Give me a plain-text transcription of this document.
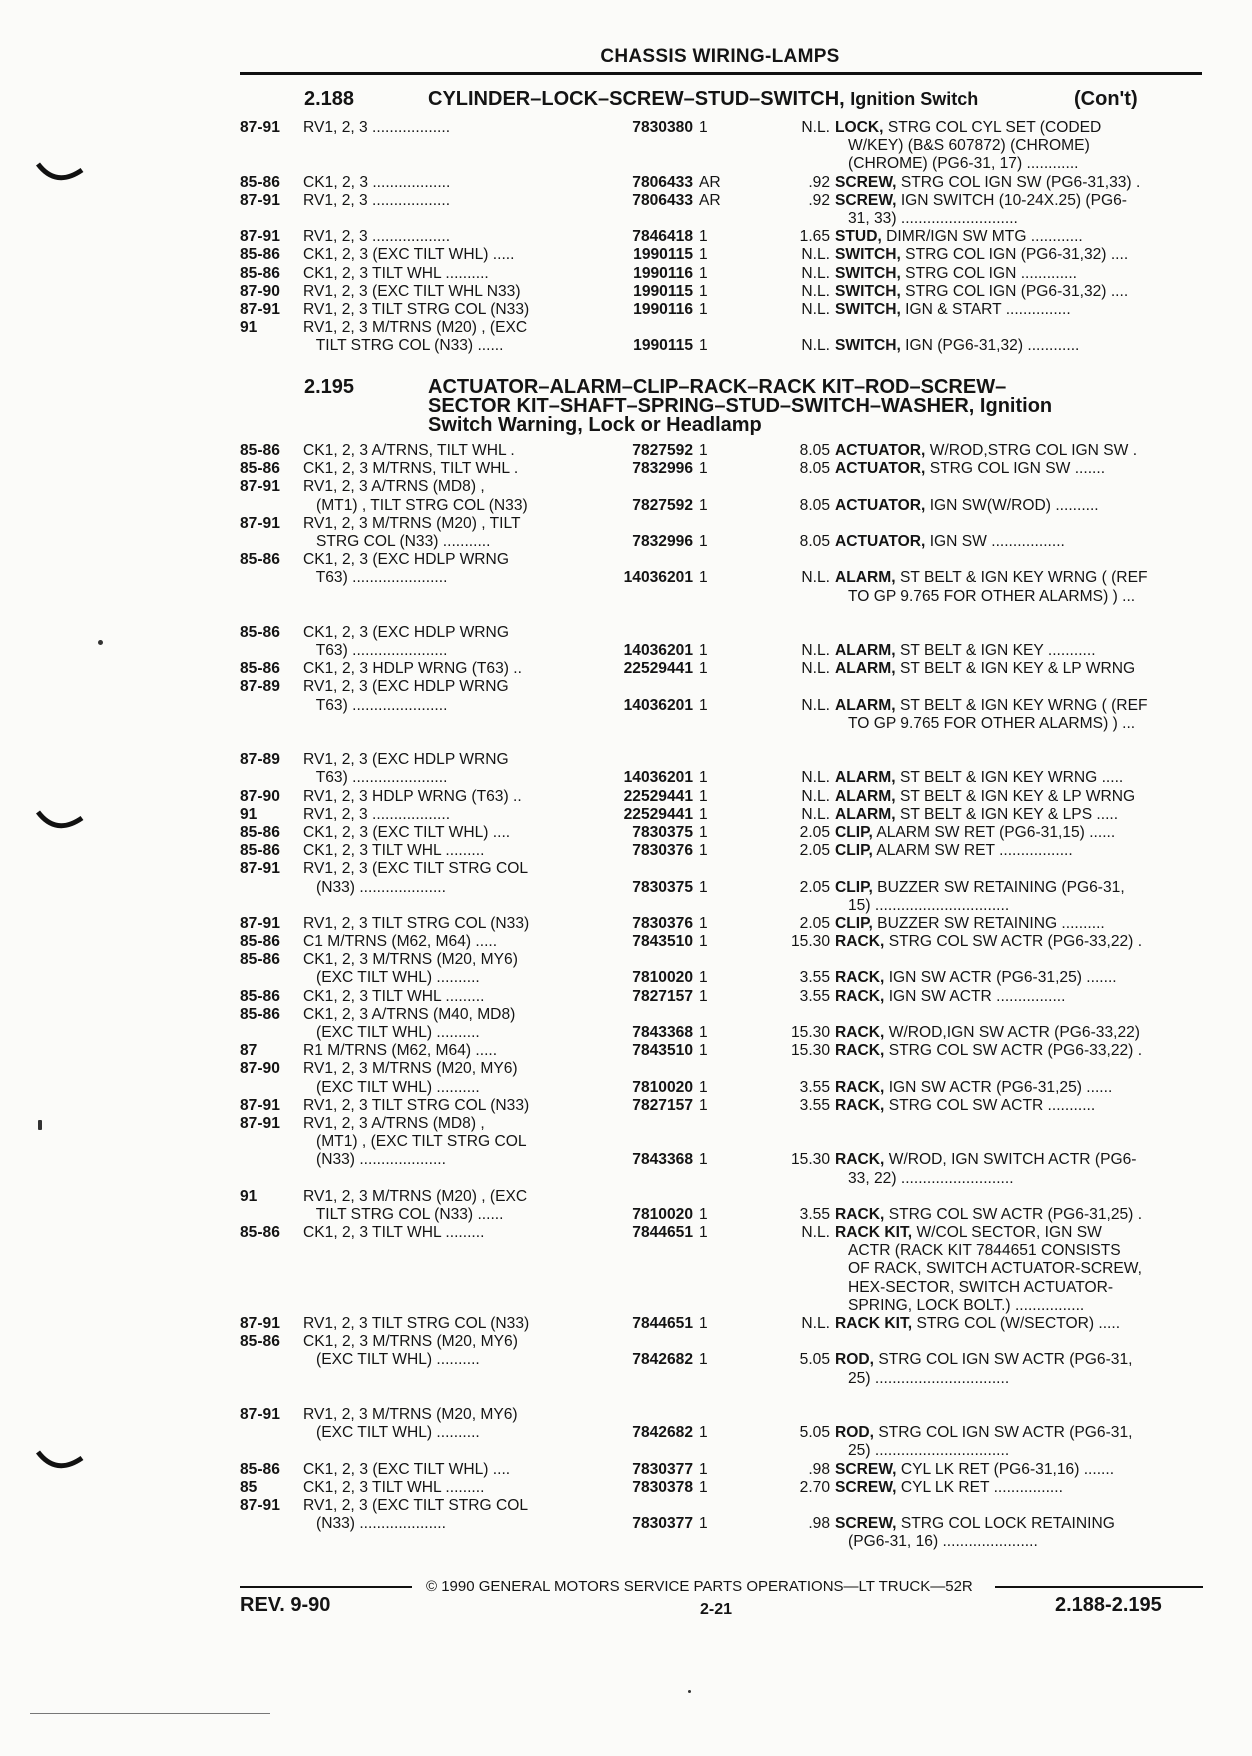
CHASSIS WIRING-LAMPS
2.188	CYLINDER–LOCK–SCREW–STUD–SWITCH, Ignition Switch	(Con't)
87-91 RV1, 2, 3 ..................	7830380 1	N.L. LOCK, STRG COL CYL SET (CODED
W/KEY) (B&S 607872) (CHROME)
(CHROME) (PG6-31, 17) ............
85-86 CK1, 2, 3 ..................	7806433 AR	.92 SCREW, STRG COL IGN SW (PG6-31,33) .
87-91 RV1, 2, 3 ..................	7806433 AR	.92 SCREW, IGN SWITCH (10-24X.25) (PG6-
31, 33) ...........................
87-91 RV1, 2, 3 ..................	7846418 1	1.65 STUD, DIMR/IGN SW MTG ............
85-86 CK1, 2, 3 (EXC TILT WHL) .....	1990115 1	N.L. SWITCH, STRG COL IGN (PG6-31,32) ....
85-86 CK1, 2, 3 TILT WHL ..........	1990116 1	N.L. SWITCH, STRG COL IGN .............
87-90 RV1, 2, 3 (EXC TILT WHL N33)	1990115 1	N.L. SWITCH, STRG COL IGN (PG6-31,32) ....
87-91 RV1, 2, 3 TILT STRG COL (N33)	1990116 1	N.L. SWITCH, IGN & START ...............
91	RV1, 2, 3 M/TRNS (M20) , (EXC
TILT STRG COL (N33) ......	1990115 1	N.L. SWITCH, IGN (PG6-31,32) ............
2.195	ACTUATOR–ALARM–CLIP–RACK–RACK KIT–ROD–SCREW–
SECTOR KIT–SHAFT–SPRING–STUD–SWITCH–WASHER, Ignition
Switch Warning, Lock or Headlamp
85-86 CK1, 2, 3 A/TRNS, TILT WHL .	7827592 1	8.05 ACTUATOR, W/ROD,STRG COL IGN SW .
85-86 CK1, 2, 3 M/TRNS, TILT WHL .	7832996 1	8.05 ACTUATOR, STRG COL IGN SW .......
87-91 RV1, 2, 3 A/TRNS (MD8) ,
(MT1) , TILT STRG COL (N33)	7827592 1	8.05 ACTUATOR, IGN SW(W/ROD) ..........
87-91 RV1, 2, 3 M/TRNS (M20) , TILT
STRG COL (N33) ...........	7832996 1	8.05 ACTUATOR, IGN SW .................
85-86 CK1, 2, 3 (EXC HDLP WRNG
T63) ......................	14036201 1	N.L. ALARM, ST BELT & IGN KEY WRNG ( (REF
TO GP 9.765 FOR OTHER ALARMS) ) ...
85-86 CK1, 2, 3 (EXC HDLP WRNG
T63) ......................	14036201 1	N.L. ALARM, ST BELT & IGN KEY ...........
85-86 CK1, 2, 3 HDLP WRNG (T63) ..	22529441 1	N.L. ALARM, ST BELT & IGN KEY & LP WRNG
87-89 RV1, 2, 3 (EXC HDLP WRNG
T63) ......................	14036201 1	N.L. ALARM, ST BELT & IGN KEY WRNG ( (REF
TO GP 9.765 FOR OTHER ALARMS) ) ...
87-89 RV1, 2, 3 (EXC HDLP WRNG
T63) ......................	14036201 1	N.L. ALARM, ST BELT & IGN KEY WRNG .....
87-90 RV1, 2, 3 HDLP WRNG (T63) ..	22529441 1	N.L. ALARM, ST BELT & IGN KEY & LP WRNG
91	RV1, 2, 3 ..................	22529441 1	N.L. ALARM, ST BELT & IGN KEY & LPS .....
85-86 CK1, 2, 3 (EXC TILT WHL) ....	7830375 1	2.05 CLIP, ALARM SW RET (PG6-31,15) ......
85-86 CK1, 2, 3 TILT WHL .........	7830376 1	2.05 CLIP, ALARM SW RET .................
87-91 RV1, 2, 3 (EXC TILT STRG COL
(N33) ....................	7830375 1	2.05 CLIP, BUZZER SW RETAINING (PG6-31,
15) ...............................
87-91 RV1, 2, 3 TILT STRG COL (N33)	7830376 1	2.05 CLIP, BUZZER SW RETAINING ..........
85-86 C1 M/TRNS (M62, M64) .....	7843510 1	15.30 RACK, STRG COL SW ACTR (PG6-33,22) .
85-86 CK1, 2, 3 M/TRNS (M20, MY6)
(EXC TILT WHL) ..........	7810020 1	3.55 RACK, IGN SW ACTR (PG6-31,25) .......
85-86 CK1, 2, 3 TILT WHL .........	7827157 1	3.55 RACK, IGN SW ACTR ................
85-86 CK1, 2, 3 A/TRNS (M40, MD8)
(EXC TILT WHL) ..........	7843368 1	15.30 RACK, W/ROD,IGN SW ACTR (PG6-33,22)
87	R1 M/TRNS (M62, M64) .....	7843510 1	15.30 RACK, STRG COL SW ACTR (PG6-33,22) .
87-90 RV1, 2, 3 M/TRNS (M20, MY6)
(EXC TILT WHL) ..........	7810020 1	3.55 RACK, IGN SW ACTR (PG6-31,25) ......
87-91 RV1, 2, 3 TILT STRG COL (N33)	7827157 1	3.55 RACK, STRG COL SW ACTR ...........
87-91 RV1, 2, 3 A/TRNS (MD8) ,
(MT1) , (EXC TILT STRG COL
(N33) ....................	7843368 1	15.30 RACK, W/ROD, IGN SWITCH ACTR (PG6-
33, 22) ..........................
91	RV1, 2, 3 M/TRNS (M20) , (EXC
TILT STRG COL (N33) ......	7810020 1	3.55 RACK, STRG COL SW ACTR (PG6-31,25) .
85-86 CK1, 2, 3 TILT WHL .........	7844651 1	N.L. RACK KIT, W/COL SECTOR, IGN SW
ACTR (RACK KIT 7844651 CONSISTS
OF RACK, SWITCH ACTUATOR-SCREW,
HEX-SECTOR, SWITCH ACTUATOR-
SPRING, LOCK BOLT.) ................
87-91 RV1, 2, 3 TILT STRG COL (N33)	7844651 1	N.L. RACK KIT, STRG COL (W/SECTOR) .....
85-86 CK1, 2, 3 M/TRNS (M20, MY6)
(EXC TILT WHL) ..........	7842682 1	5.05 ROD, STRG COL IGN SW ACTR (PG6-31,
25) ...............................
87-91 RV1, 2, 3 M/TRNS (M20, MY6)
(EXC TILT WHL) ..........	7842682 1	5.05 ROD, STRG COL IGN SW ACTR (PG6-31,
25) ...............................
85-86 CK1, 2, 3 (EXC TILT WHL) ....	7830377 1	.98 SCREW, CYL LK RET (PG6-31,16) .......
85	CK1, 2, 3 TILT WHL .........	7830378 1	2.70 SCREW, CYL LK RET ................
87-91 RV1, 2, 3 (EXC TILT STRG COL
(N33) ....................	7830377 1	.98 SCREW, STRG COL LOCK RETAINING
(PG6-31, 16) ......................
© 1990 GENERAL MOTORS SERVICE PARTS OPERATIONS—LT TRUCK—52R
REV. 9-90	2-21	2.188-2.195
